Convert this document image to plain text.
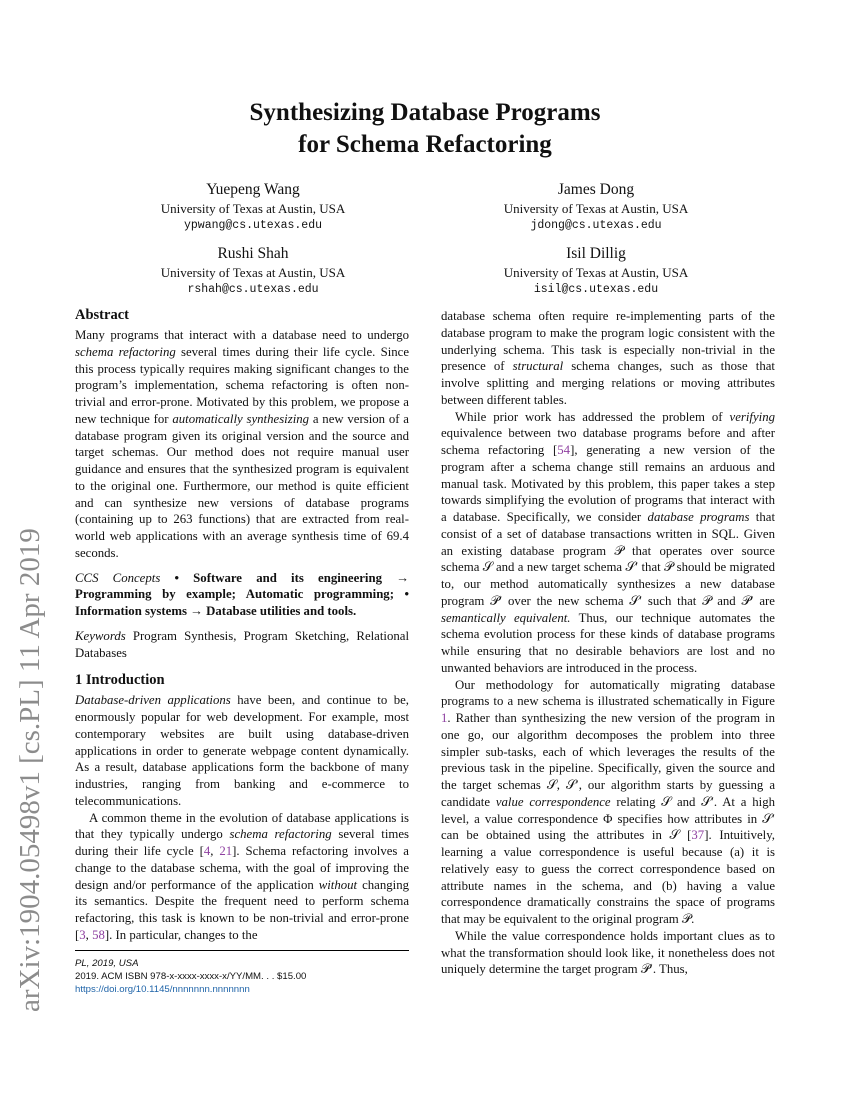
arXiv:1904.05498v1 [cs.PL] 11 Apr 2019
Synthesizing Database Programs
for Schema Refactoring
Yuepeng Wang
University of Texas at Austin, USA
ypwang@cs.utexas.edu
James Dong
University of Texas at Austin, USA
jdong@cs.utexas.edu
Rushi Shah
University of Texas at Austin, USA
rshah@cs.utexas.edu
Isil Dillig
University of Texas at Austin, USA
isil@cs.utexas.edu
Abstract

Many programs that interact with a database need to undergo schema refactoring several times during their life cycle. Since this process typically requires making significant changes to the program’s implementation, schema refactoring is often non-trivial and error-prone. Motivated by this problem, we propose a new technique for automatically synthesizing a new version of a database program given its original version and the source and target schemas. Our method does not require manual user guidance and ensures that the synthesized program is equivalent to the original one. Furthermore, our method is quite efficient and can synthesize new versions of database programs (containing up to 263 functions) that are extracted from real-world web applications with an average synthesis time of 69.4 seconds.

CCS Concepts • Software and its engineering → Programming by example; Automatic programming; • Information systems → Database utilities and tools.

Keywords Program Synthesis, Program Sketching, Relational Databases

1 Introduction

Database-driven applications have been, and continue to be, enormously popular for web development. For example, most contemporary websites are built using database-driven applications in order to generate webpage content dynamically. As a result, database applications form the backbone of many industries, ranging from banking and e-commerce to telecommunications.

A common theme in the evolution of database applications is that they typically undergo schema refactoring several times during their life cycle [4, 21]. Schema refactoring involves a change to the database schema, with the goal of improving the design and/or performance of the application without changing its semantics. Despite the frequent need to perform schema refactoring, this task is known to be non-trivial and error-prone [3, 58]. In particular, changes to the

database schema often require re-implementing parts of the database program to make the program logic consistent with the underlying schema. This task is especially non-trivial in the presence of structural schema changes, such as those that involve splitting and merging relations or moving attributes between different tables.

While prior work has addressed the problem of verifying equivalence between two database programs before and after schema refactoring [54], generating a new version of the program after a schema change still remains an arduous and manual task. Motivated by this problem, this paper takes a step towards simplifying the evolution of programs that interact with a database. Specifically, we consider database programs that consist of a set of database transactions written in SQL. Given an existing database program 𝒫 that operates over source schema 𝒮 and a new target schema 𝒮′ that 𝒫 should be migrated to, our method automatically synthesizes a new database program 𝒫′ over the new schema 𝒮′ such that 𝒫 and 𝒫′ are semantically equivalent. Thus, our technique automates the schema evolution process for these kinds of database programs while ensuring that no desirable behaviors are lost and no unwanted behaviors are introduced in the process.

Our methodology for automatically migrating database programs to a new schema is illustrated schematically in Figure 1. Rather than synthesizing the new version of the program in one go, our algorithm decomposes the problem into three simpler sub-tasks, each of which leverages the results of the previous task in the pipeline. Specifically, given the source and the target schemas 𝒮, 𝒮′, our algorithm starts by guessing a candidate value correspondence relating 𝒮 and 𝒮′. At a high level, a value correspondence Φ specifies how attributes in 𝒮′ can be obtained using the attributes in 𝒮 [37]. Intuitively, learning a value correspondence is useful because (a) it is relatively easy to guess the correct correspondence based on attribute names in the schema, and (b) having a value correspondence dramatically constrains the space of programs that may be equivalent to the original program 𝒫.

While the value correspondence holds important clues as to what the transformation should look like, it nonetheless does not uniquely determine the target program 𝒫′. Thus,

PL, 2019, USA
2019. ACM ISBN 978-x-xxxx-xxxx-x/YY/MM. . . $15.00
https://doi.org/10.1145/nnnnnnn.nnnnnnn
